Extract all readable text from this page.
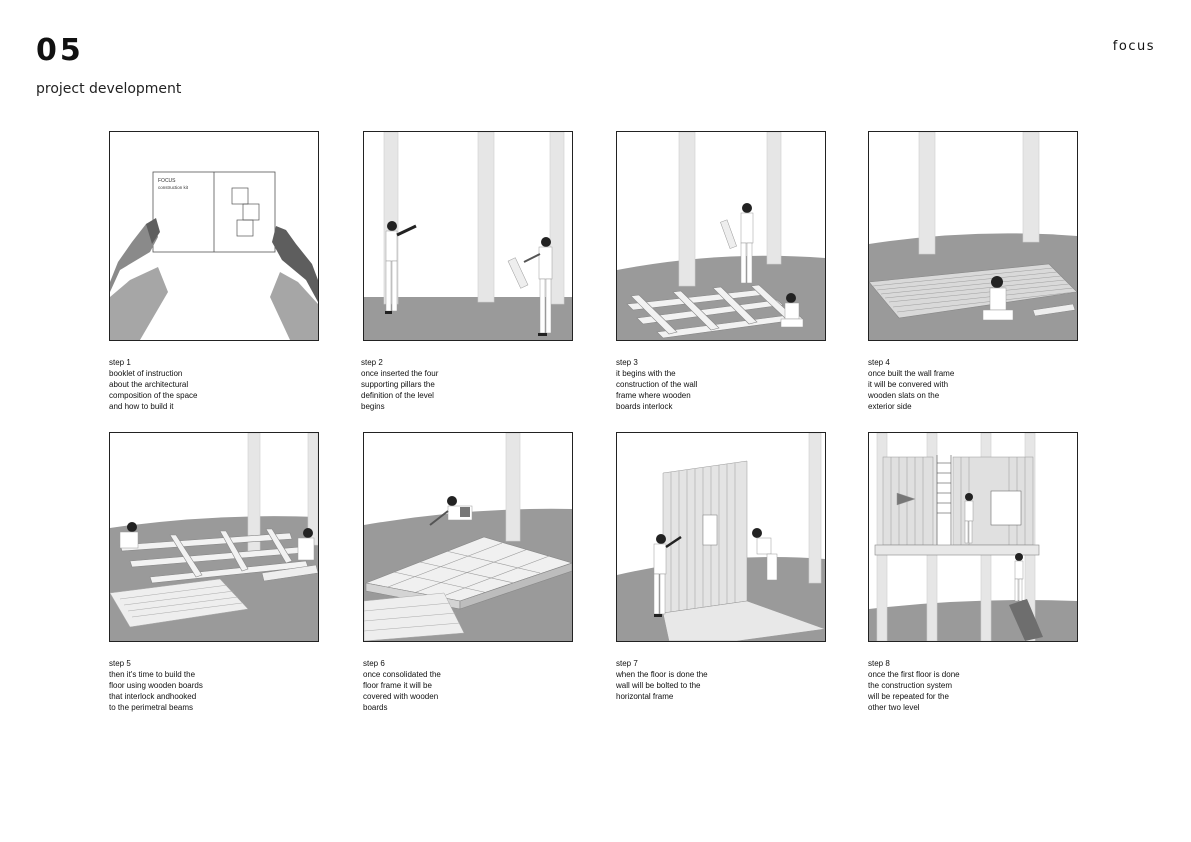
05
project development
focus
FOCUS
construction kit
step 1
booklet of instruction
about the architectural
composition of the space
and how to build it
step 2
once inserted the four
supporting pillars the
definition of the level
begins
step 3
it begins with the
construction of the wall
frame where wooden
boards interlock
step 4
once built the wall frame
it will be convered with
wooden slats on the
exterior side
step 5
then it's time to build the
floor using wooden boards
that interlock andhooked
to the perimetral beams
step 6
once consolidated the
floor frame it will be
covered with wooden
boards
step 7
when the floor is done the
wall will be bolted to the
horizontal frame
step 8
once the first floor is done
the construction system
will be repeated for the
other two level
